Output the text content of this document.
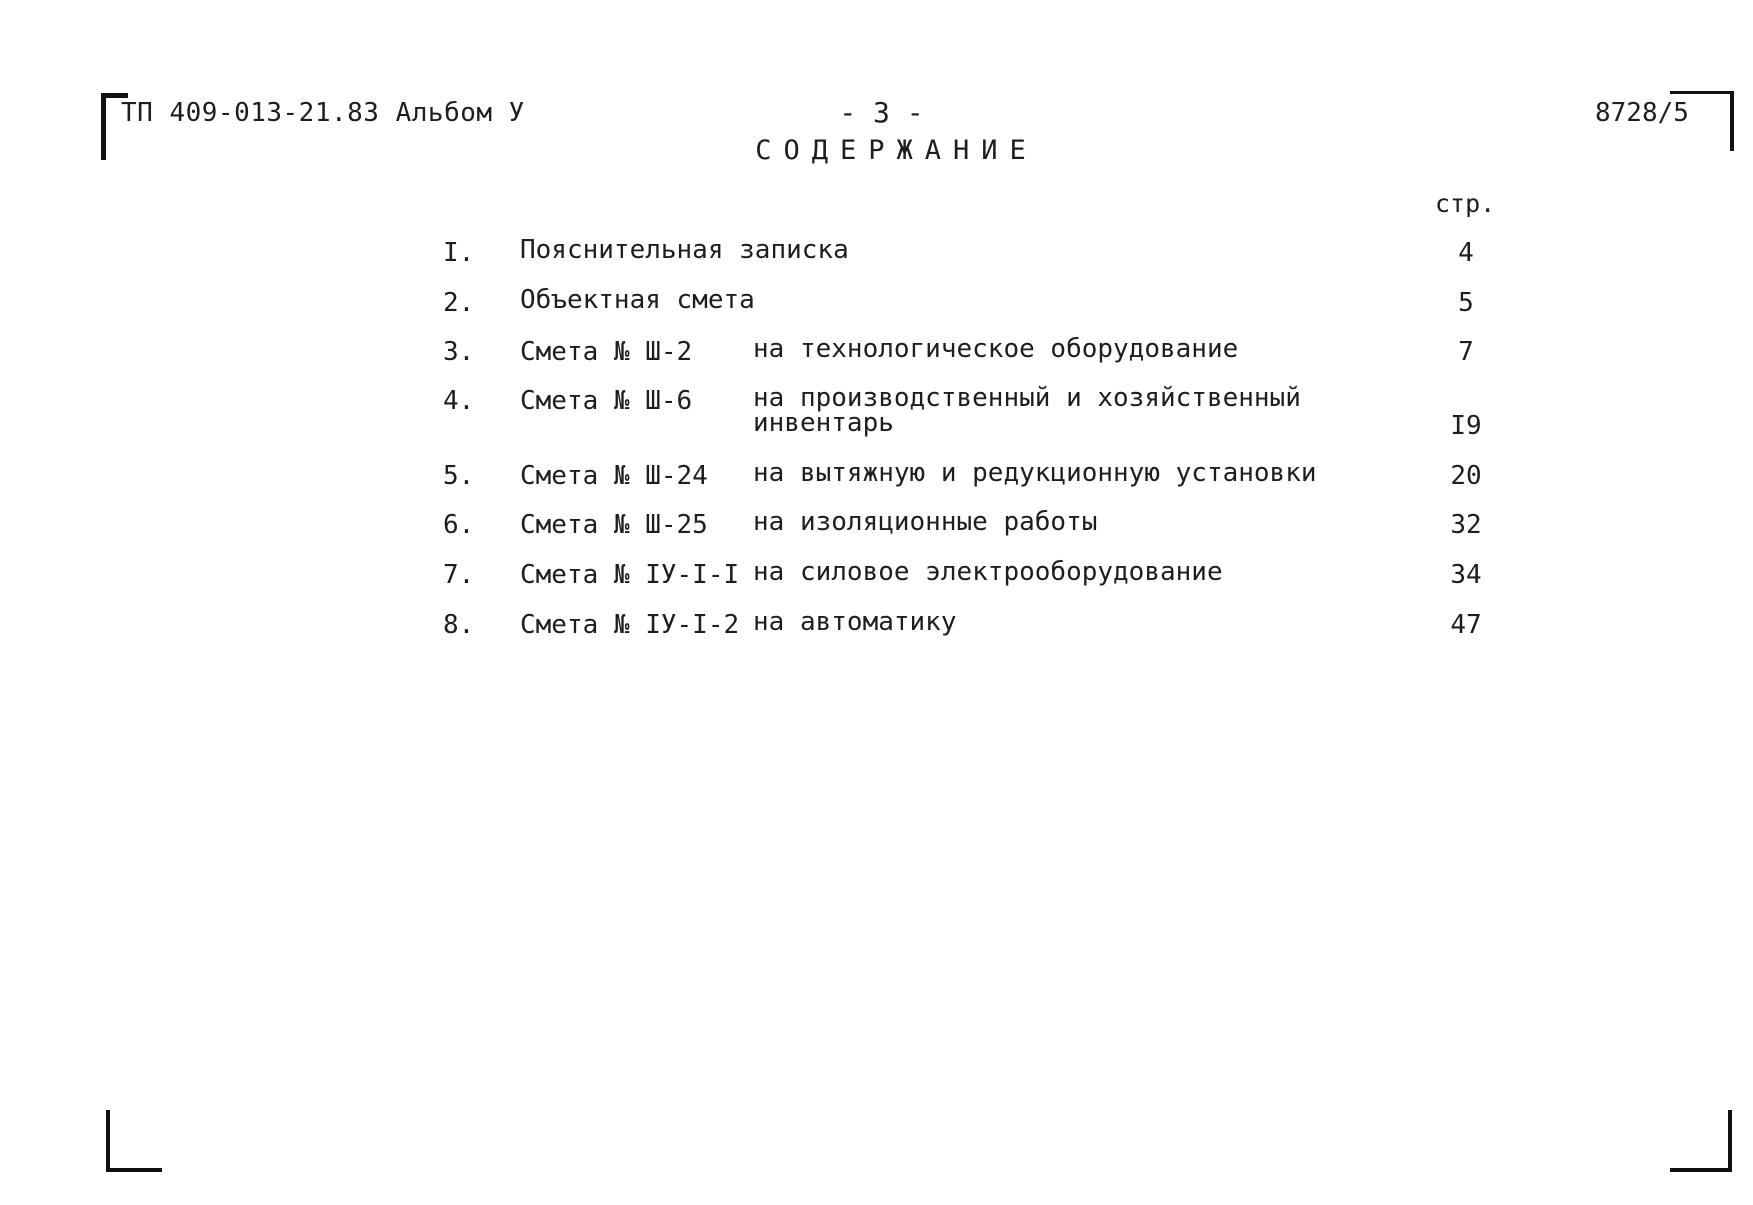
ТП 409-013-21.83 Альбом У	- 3 -	8728/5
СОДЕРЖАНИЕ
стр.
I. Пояснительная записка	4
2. Объектная смета	5
3. Смета № Ш-2 на технологическое оборудование	7
4. Смета № Ш-6 на производственный и хозяйственный
инвентарь	I9
5. Смета № Ш-24 на вытяжную и редукционную установки	20
6. Смета № Ш-25 на изоляционные работы	32
7. Смета № IУ-I-I на силовое электрооборудование	34
8. Смета № IУ-I-2 на автоматику	47
